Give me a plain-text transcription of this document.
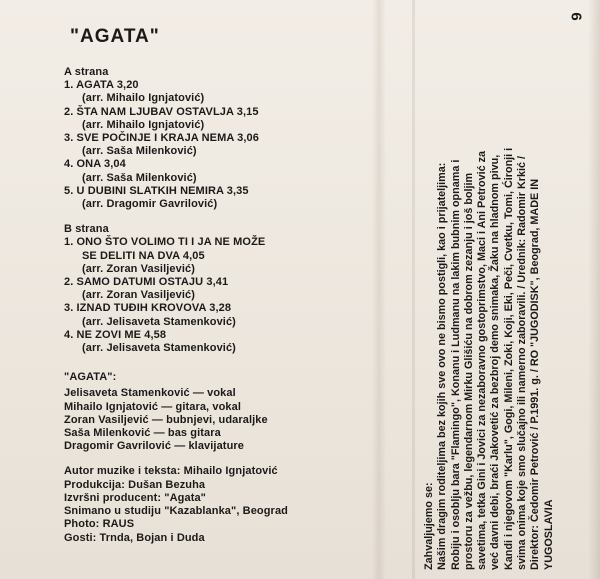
"AGATA"
A strana
1. AGATA 3,20
(arr. Mihailo Ignjatović)
2. ŠTA NAM LJUBAV OSTAVLJA 3,15
(arr. Mihailo Ignjatović)
3. SVE POČINJE I KRAJA NEMA 3,06
(arr. Saša Milenković)
4. ONA 3,04
(arr. Saša Milenković)
5. U DUBINI SLATKIH NEMIRA 3,35
(arr. Dragomir Gavrilović)
B strana
1. ONO ŠTO VOLIMO TI I JA NE MOŽE
SE DELITI NA DVA 4,05
(arr. Zoran Vasiljević)
2. SAMO DATUMI OSTAJU 3,41
(arr. Zoran Vasiljević)
3. IZNAD TUĐIH KROVOVA 3,28
(arr. Jelisaveta Stamenković)
4. NE ZOVI ME 4,58
(arr. Jelisaveta Stamenković)
"AGATA":
Jelisaveta Stamenković — vokal
Mihailo Ignjatović — gitara, vokal
Zoran Vasiljević — bubnjevi, udaraljke
Saša Milenković — bas gitara
Dragomir Gavrilović — klavijature
Autor muzike i teksta: Mihailo Ignjatović
Produkcija: Dušan Bezuha
Izvršni producent: "Agata"
Snimano u studiju "Kazablanka", Beograd
Photo: RAUS
Gosti: Trnda, Bojan i Duda	Zahvaljujemo se: Našim dragim roditeljima bez kojih sve ovo ne bismo postigli, kao i prijateljima: Robiju i osoblju bara "Flamingo", Konanu i Ludmanu na lakim bubnim opnama i prostoru za vežbu, legendarnom Mirku Glišiću na dobrom zezanju i još boljim savetima, tetka Gini i Jovici za nezaboravno gostoprimstvo, Maci i Ani Petrović za već davni debi, braći Jakovetić za bezbroj demo snimaka, Žaku na hladnom pivu, Kandi i njegovom "Karlu", Gogi, Mileni, Zoki, Koji, Eki, Peči, Cvetku, Tomi, Ćironji i svima onima koje smo slučajno ili namerno zaboravili. / Urednik: Radomir Krkić / Direktor: Čedomir Petrović / P.1991. g. / RO "JUGODISK", Beograd, MADE IN YUGOSLAVIA
6
